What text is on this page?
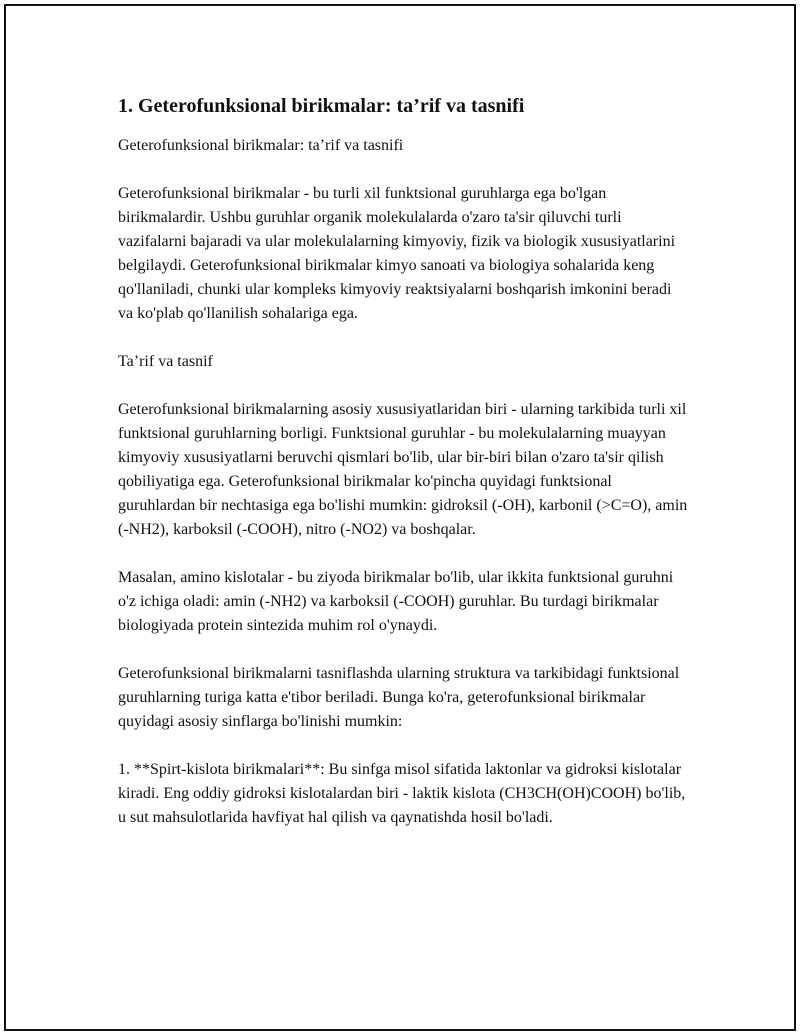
1. Geterofunksional birikmalar: ta’rif va tasnifi

Geterofunksional birikmalar: ta’rif va tasnifi

Geterofunksional birikmalar - bu turli xil funktsional guruhlarga ega bo'lgan birikmalardir. Ushbu guruhlar organik molekulalarda o'zaro ta'sir qiluvchi turli vazifalarni bajaradi va ular molekulalarning kimyoviy, fizik va biologik xususiyatlarini belgilaydi. Geterofunksional birikmalar kimyo sanoati va biologiya sohalarida keng qo'llaniladi, chunki ular kompleks kimyoviy reaktsiyalarni boshqarish imkonini beradi va ko'plab qo'llanilish sohalariga ega.

Ta’rif va tasnif

Geterofunksional birikmalarning asosiy xususiyatlaridan biri - ularning tarkibida turli xil funktsional guruhlarning borligi. Funktsional guruhlar - bu molekulalarning muayyan kimyoviy xususiyatlarni beruvchi qismlari bo'lib, ular bir-biri bilan o'zaro ta'sir qilish qobiliyatiga ega. Geterofunksional birikmalar ko'pincha quyidagi funktsional guruhlardan bir nechtasiga ega bo'lishi mumkin: gidroksil (-OH), karbonil (>C=O), amin (-NH2), karboksil (-COOH), nitro (-NO2) va boshqalar.

Masalan, amino kislotalar - bu ziyoda birikmalar bo'lib, ular ikkita funktsional guruhni o'z ichiga oladi: amin (-NH2) va karboksil (-COOH) guruhlar. Bu turdagi birikmalar biologiyada protein sintezida muhim rol o'ynaydi.

Geterofunksional birikmalarni tasniflashda ularning struktura va tarkibidagi funktsional guruhlarning turiga katta e'tibor beriladi. Bunga ko'ra, geterofunksional birikmalar quyidagi asosiy sinflarga bo'linishi mumkin:

1. **Spirt-kislota birikmalari**: Bu sinfga misol sifatida laktonlar va gidroksi kislotalar kiradi. Eng oddiy gidroksi kislotalardan biri - laktik kislota (CH3CH(OH)COOH) bo'lib, u sut mahsulotlarida havfiyat hal qilish va qaynatishda hosil bo'ladi.
